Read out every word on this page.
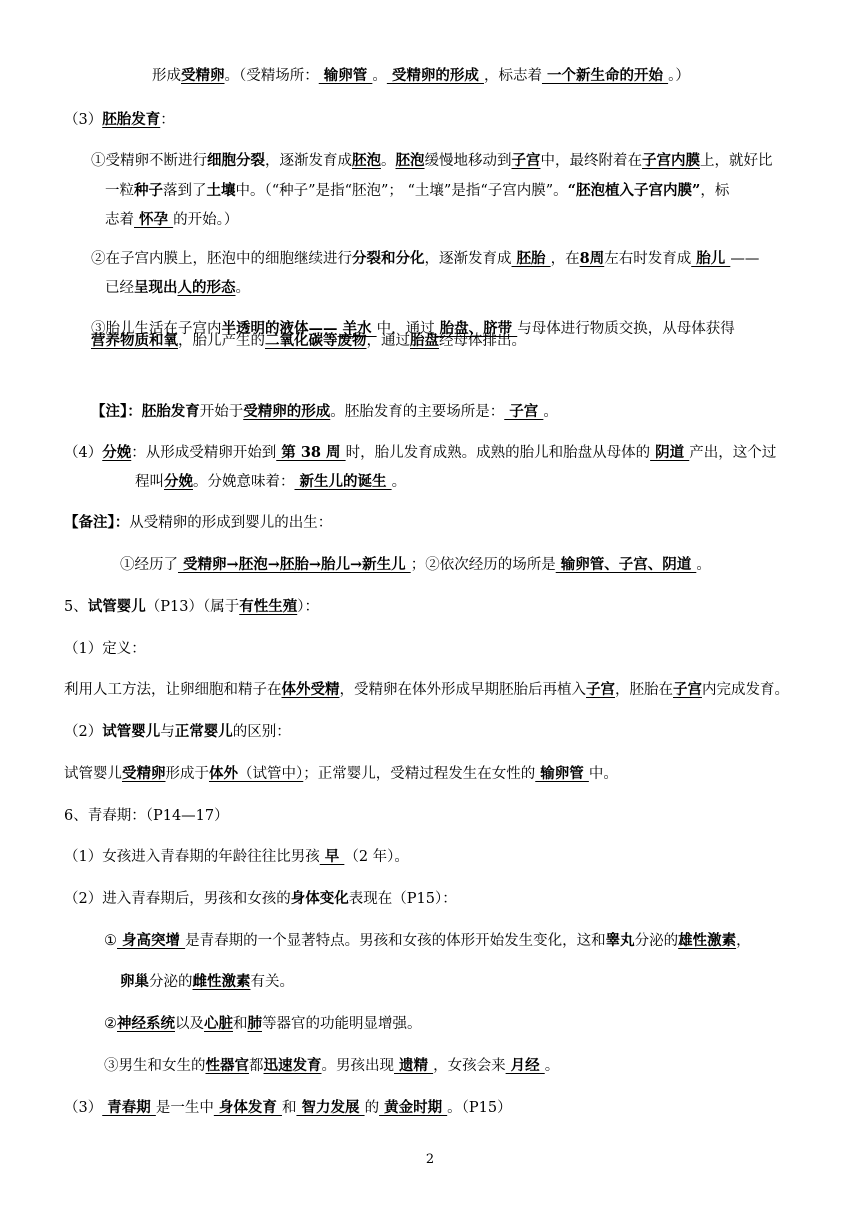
形成受精卵。（受精场所： 输卵管 。 受精卵的形成 ，标志着 一个新生命的开始 。）
（3）胚胎发育：
①受精卵不断进行细胞分裂，逐渐发育成胚泡。胚泡缓慢地移动到子宫中，最终附着在子宫内膜上，就好比
一粒种子落到了土壤中。（“种子”是指“胚泡”； “土壤”是指“子宫内膜”。“胚泡植入子宫内膜”，标
志着 怀孕 的开始。）
②在子宫内膜上，胚泡中的细胞继续进行分裂和分化，逐渐发育成 胚胎 ，在8周左右时发育成 胎儿 ——
已经呈现出人的形态。
③胎儿生活在子宫内半透明的液体—— 羊水 中，通过 胎盘、脐带 与母体进行物质交换，从母体获得
营养物质和氧，胎儿产生的二氧化碳等废物，通过胎盘经母体排出。
【注】：胚胎发育开始于受精卵的形成。胚胎发育的主要场所是： 子宫 。
（4）分娩：从形成受精卵开始到 第 38 周 时，胎儿发育成熟。成熟的胎儿和胎盘从母体的 阴道 产出，这个过
程叫分娩。分娩意味着： 新生儿的诞生 。
【备注】：从受精卵的形成到婴儿的出生：
①经历了 受精卵→胚泡→胚胎→胎儿→新生儿 ；②依次经历的场所是 输卵管、子宫、阴道 。
5、试管婴儿（P13）（属于有性生殖）：
（1）定义：
利用人工方法，让卵细胞和精子在体外受精，受精卵在体外形成早期胚胎后再植入子宫，胚胎在子宫内完成发育。
（2）试管婴儿与正常婴儿的区别：
试管婴儿受精卵形成于体外（试管中）；正常婴儿，受精过程发生在女性的 输卵管 中。
6、青春期：（P14—17）
（1）女孩进入青春期的年龄往往比男孩 早 （2 年）。
（2）进入青春期后，男孩和女孩的身体变化表现在（P15）：
① 身高突增 是青春期的一个显著特点。男孩和女孩的体形开始发生变化，这和睾丸分泌的雄性激素，
卵巢分泌的雌性激素有关。
②神经系统以及心脏和肺等器官的功能明显增强。
③男生和女生的性器官都迅速发育。男孩出现 遗精 ，女孩会来 月经 。
（3） 青春期 是一生中 身体发育 和 智力发展 的 黄金时期 。（P15）
2
